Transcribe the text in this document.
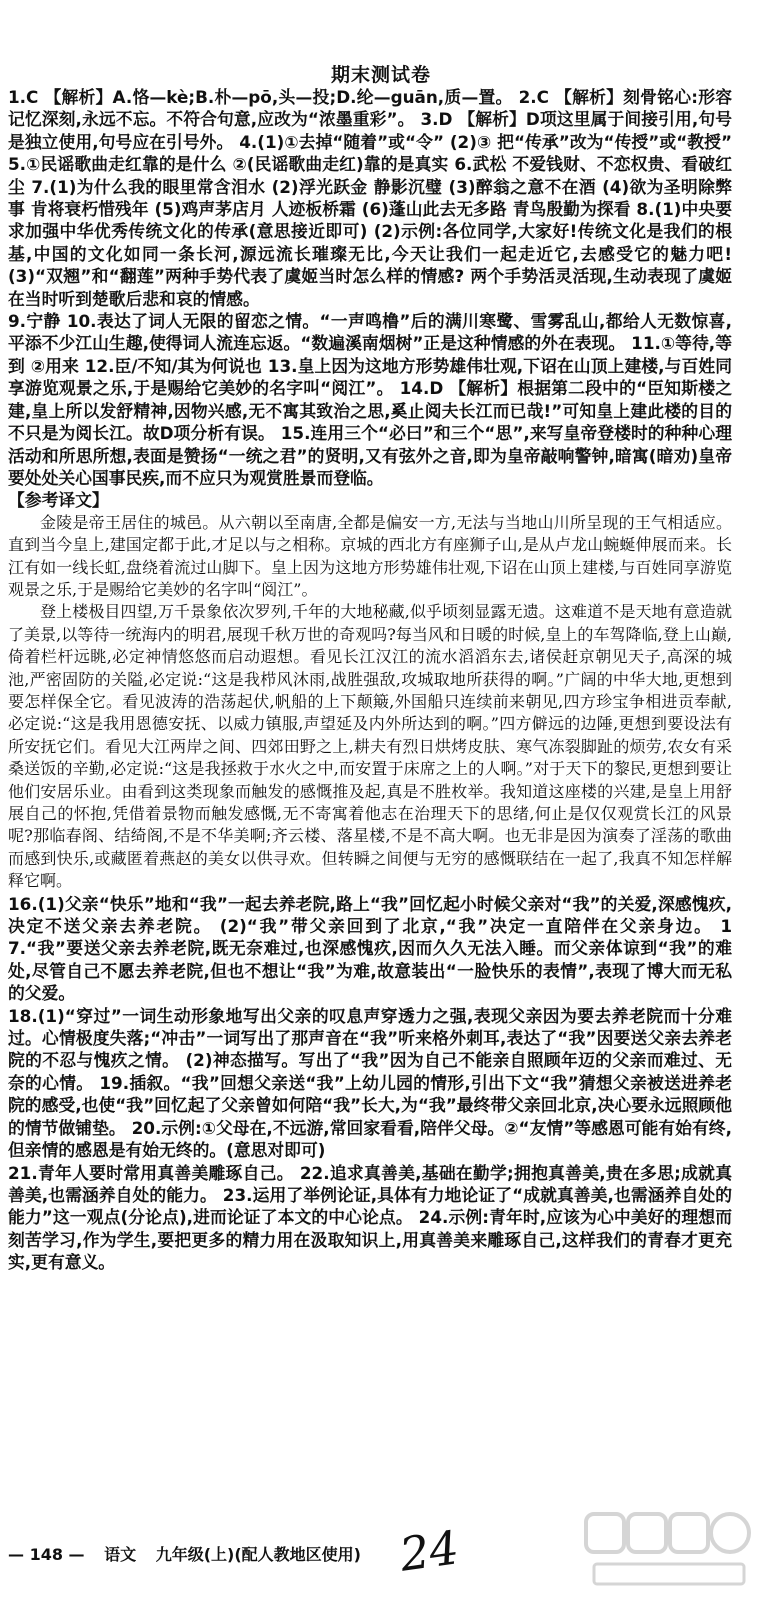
期末测试卷

1.C 【解析】A.恪—kè;B.朴—pō,头—投;D.纶—guān,质—置。 2.C 【解析】刻骨铭心:形容记忆深刻,永远不忘。不符合句意,应改为“浓墨重彩”。 3.D 【解析】D项这里属于间接引用,句号是独立使用,句号应在引号外。 4.(1)①去掉“随着”或“令” (2)③ 把“传承”改为“传授”或“教授” 5.①民谣歌曲走红靠的是什么 ②(民谣歌曲走红)靠的是真实 6.武松 不爱钱财、不恋权贵、看破红尘 7.(1)为什么我的眼里常含泪水 (2)浮光跃金 静影沉璧 (3)醉翁之意不在酒 (4)欲为圣明除弊事 肯将衰朽惜残年 (5)鸡声茅店月 人迹板桥霜 (6)蓬山此去无多路 青鸟殷勤为探看 8.(1)中央要求加强中华优秀传统文化的传承(意思接近即可) (2)示例:各位同学,大家好!传统文化是我们的根基,中国的文化如同一条长河,源远流长璀璨无比,今天让我们一起走近它,去感受它的魅力吧! (3)“双翘”和“翻莲”两种手势代表了虞姬当时怎么样的情感? 两个手势活灵活现,生动表现了虞姬在当时听到楚歌后悲和哀的情感。

9.宁静 10.表达了词人无限的留恋之情。“一声鸣橹”后的满川寒鹭、雪雾乱山,都给人无数惊喜,平添不少江山生趣,使得词人流连忘返。“数遍溪南烟树”正是这种情感的外在表现。 11.①等待,等到 ②用来 12.臣/不知/其为何说也 13.皇上因为这地方形势雄伟壮观,下诏在山顶上建楼,与百姓同享游览观景之乐,于是赐给它美妙的名字叫“阅江”。 14.D 【解析】根据第二段中的“臣知斯楼之建,皇上所以发舒精神,因物兴感,无不寓其致治之思,奚止阅夫长江而已哉!”可知皇上建此楼的目的不只是为阅长江。故D项分析有误。 15.连用三个“必曰”和三个“思”,来写皇帝登楼时的种种心理活动和所思所想,表面是赞扬“一统之君”的贤明,又有弦外之音,即为皇帝敲响警钟,暗寓(暗劝)皇帝要处处关心国事民疾,而不应只为观赏胜景而登临。

【参考译文】

金陵是帝王居住的城邑。从六朝以至南唐,全都是偏安一方,无法与当地山川所呈现的王气相适应。直到当今皇上,建国定都于此,才足以与之相称。京城的西北方有座狮子山,是从卢龙山蜿蜒伸展而来。长江有如一线长虹,盘绕着流过山脚下。皇上因为这地方形势雄伟壮观,下诏在山顶上建楼,与百姓同享游览观景之乐,于是赐给它美妙的名字叫“阅江”。

登上楼极目四望,万千景象依次罗列,千年的大地秘藏,似乎顷刻显露无遗。这难道不是天地有意造就了美景,以等待一统海内的明君,展现千秋万世的奇观吗?每当风和日暖的时候,皇上的车驾降临,登上山巅,倚着栏杆远眺,必定神情悠悠而启动遐想。看见长江汉江的流水滔滔东去,诸侯赶京朝见天子,高深的城池,严密固防的关隘,必定说:“这是我栉风沐雨,战胜强敌,攻城取地所获得的啊。”广阔的中华大地,更想到要怎样保全它。看见波涛的浩荡起伏,帆船的上下颠簸,外国船只连续前来朝见,四方珍宝争相进贡奉献,必定说:“这是我用恩德安抚、以威力镇服,声望延及内外所达到的啊。”四方僻远的边陲,更想到要设法有所安抚它们。看见大江两岸之间、四郊田野之上,耕夫有烈日烘烤皮肤、寒气冻裂脚趾的烦劳,农女有采桑送饭的辛勤,必定说:“这是我拯救于水火之中,而安置于床席之上的人啊。”对于天下的黎民,更想到要让他们安居乐业。由看到这类现象而触发的感慨推及起,真是不胜枚举。我知道这座楼的兴建,是皇上用舒展自己的怀抱,凭借着景物而触发感慨,无不寄寓着他志在治理天下的思绪,何止是仅仅观赏长江的风景呢?那临春阁、结绮阁,不是不华美啊;齐云楼、落星楼,不是不高大啊。也无非是因为演奏了淫荡的歌曲而感到快乐,或藏匿着燕赵的美女以供寻欢。但转瞬之间便与无穷的感慨联结在一起了,我真不知怎样解释它啊。

16.(1)父亲“快乐”地和“我”一起去养老院,路上“我”回忆起小时候父亲对“我”的关爱,深感愧疚,决定不送父亲去养老院。 (2)“我”带父亲回到了北京,“我”决定一直陪伴在父亲身边。 17.“我”要送父亲去养老院,既无奈难过,也深感愧疚,因而久久无法入睡。而父亲体谅到“我”的难处,尽管自己不愿去养老院,但也不想让“我”为难,故意装出“一脸快乐的表情”,表现了博大而无私的父爱。

18.(1)“穿过”一词生动形象地写出父亲的叹息声穿透力之强,表现父亲因为要去养老院而十分难过。心情极度失落;“冲击”一词写出了那声音在“我”听来格外刺耳,表达了“我”因要送父亲去养老院的不忍与愧疚之情。 (2)神态描写。写出了“我”因为自己不能亲自照顾年迈的父亲而难过、无奈的心情。 19.插叙。“我”回想父亲送“我”上幼儿园的情形,引出下文“我”猜想父亲被送进养老院的感受,也使“我”回忆起了父亲曾如何陪“我”长大,为“我”最终带父亲回北京,决心要永远照顾他的情节做铺垫。 20.示例:①父母在,不远游,常回家看看,陪伴父母。②“友情”等感恩可能有始有终,但亲情的感恩是有始无终的。(意思对即可)

21.青年人要时常用真善美雕琢自己。 22.追求真善美,基础在勤学;拥抱真善美,贵在多思;成就真善美,也需涵养自处的能力。 23.运用了举例论证,具体有力地论证了“成就真善美,也需涵养自处的能力”这一观点(分论点),进而论证了本文的中心论点。 24.示例:青年时,应该为心中美好的理想而刻苦学习,作为学生,要把更多的精力用在汲取知识上,用真善美来雕琢自己,这样我们的青春才更充实,更有意义。

— 148 — 语文 九年级(上)(配人教地区使用) 24
